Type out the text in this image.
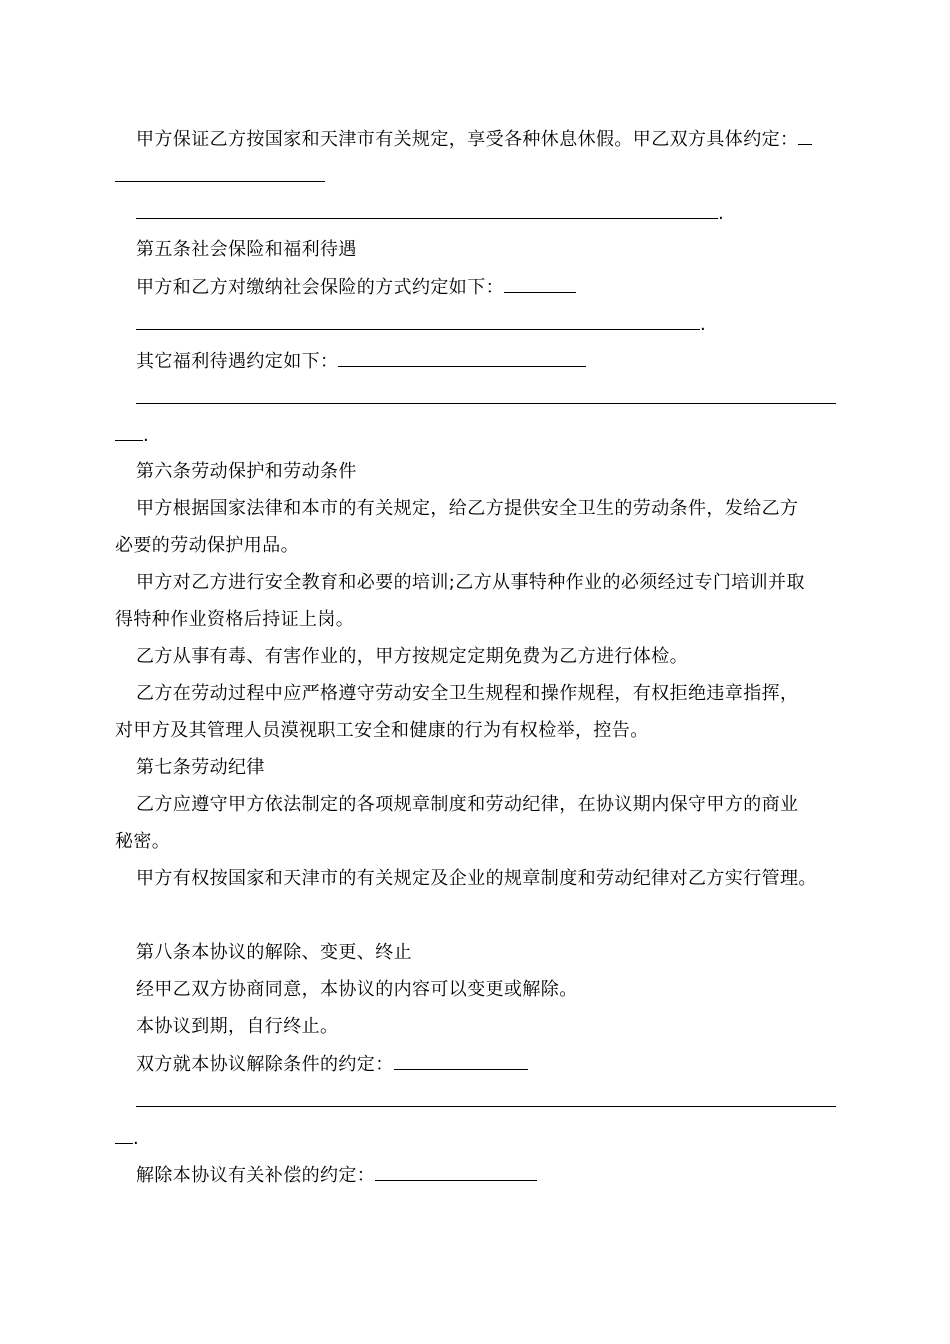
甲方保证乙方按国家和天津市有关规定，享受各种休息休假。甲乙双方具体约定：
.
第五条社会保险和福利待遇
甲方和乙方对缴纳社会保险的方式约定如下：
.
其它福利待遇约定如下：
.
第六条劳动保护和劳动条件
甲方根据国家法律和本市的有关规定，给乙方提供安全卫生的劳动条件，发给乙方
必要的劳动保护用品。
甲方对乙方进行安全教育和必要的培训;乙方从事特种作业的必须经过专门培训并取
得特种作业资格后持证上岗。
乙方从事有毒、有害作业的，甲方按规定定期免费为乙方进行体检。
乙方在劳动过程中应严格遵守劳动安全卫生规程和操作规程，有权拒绝违章指挥，
对甲方及其管理人员漠视职工安全和健康的行为有权检举，控告。
第七条劳动纪律
乙方应遵守甲方依法制定的各项规章制度和劳动纪律，在协议期内保守甲方的商业
秘密。
甲方有权按国家和天津市的有关规定及企业的规章制度和劳动纪律对乙方实行管理。
第八条本协议的解除、变更、终止
经甲乙双方协商同意，本协议的内容可以变更或解除。
本协议到期，自行终止。
双方就本协议解除条件的约定：
.
解除本协议有关补偿的约定：
